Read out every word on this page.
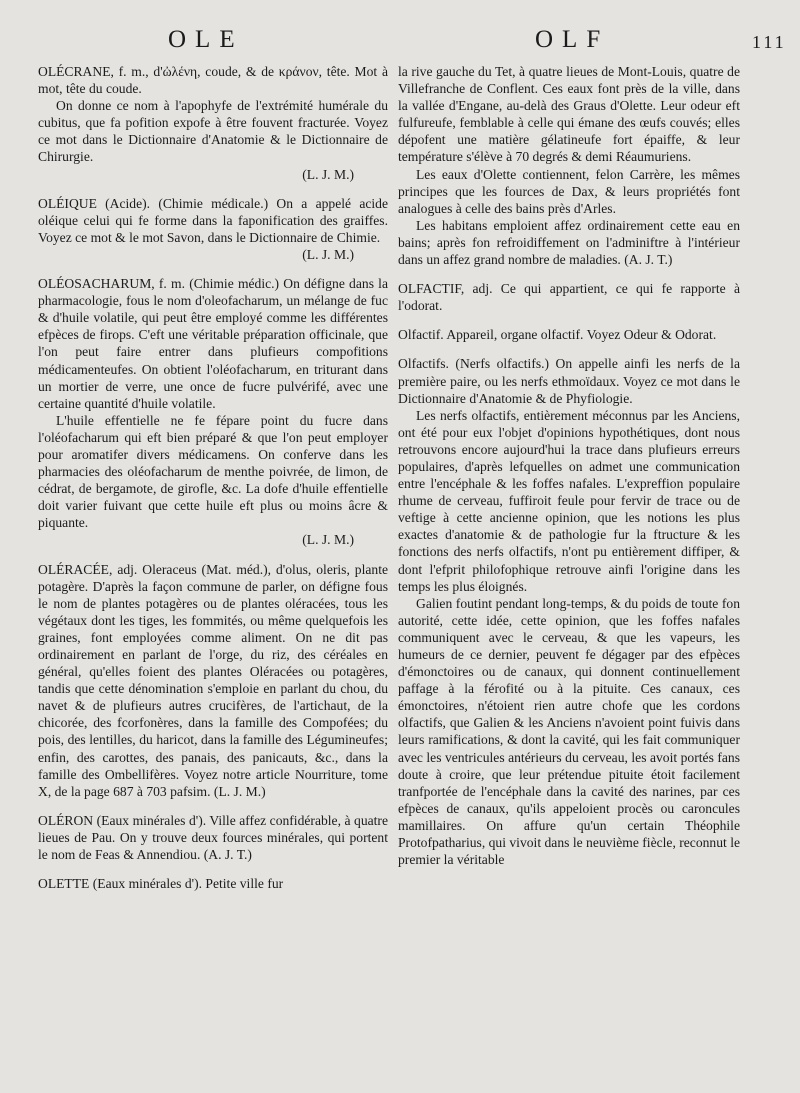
OLE	OLF	111

OLÉCRANE, f. m., d'ὠλένη, coude, & de κράνον, tête. Mot à mot, tête du coude.

On donne ce nom à l'apophyfe de l'extrémité humérale du cubitus, que fa pofition expofe à être fouvent fracturée. Voyez ce mot dans le Dictionnaire d'Anatomie & le Dictionnaire de Chirurgie.

(L. J. M.)

OLÉIQUE (Acide). (Chimie médicale.) On a appelé acide oléique celui qui fe forme dans la faponification des graiffes. Voyez ce mot & le mot Savon, dans le Dictionnaire de Chimie.

(L. J. M.)

OLÉOSACHARUM, f. m. (Chimie médic.) On défigne dans la pharmacologie, fous le nom d'oleofacharum, un mélange de fuc & d'huile volatile, qui peut être employé comme les différentes efpèces de firops. C'eft une véritable préparation officinale, que l'on peut faire entrer dans plufieurs compofitions médicamenteufes. On obtient l'oléofacharum, en triturant dans un mortier de verre, une once de fucre pulvérifé, avec une certaine quantité d'huile volatile.

L'huile effentielle ne fe fépare point du fucre dans l'oléofacharum qui eft bien préparé & que l'on peut employer pour aromatifer divers médicamens. On conferve dans les pharmacies des oléofacharum de menthe poivrée, de limon, de cédrat, de bergamote, de girofle, &c. La dofe d'huile effentielle doit varier fuivant que cette huile eft plus ou moins âcre & piquante.

(L. J. M.)

OLÉRACÉE, adj. Oleraceus (Mat. méd.), d'olus, oleris, plante potagère. D'après la façon commune de parler, on défigne fous le nom de plantes potagères ou de plantes oléracées, tous les végétaux dont les tiges, les fommités, ou même quelquefois les graines, font employées comme aliment. On ne dit pas ordinairement en parlant de l'orge, du riz, des céréales en général, qu'elles foient des plantes Oléracées ou potagères, tandis que cette dénomination s'emploie en parlant du chou, du navet & de plufieurs autres crucifères, de l'artichaut, de la chicorée, des fcorfonères, dans la famille des Compofées; du pois, des lentilles, du haricot, dans la famille des Légumineufes; enfin, des carottes, des panais, des panicauts, &c., dans la famille des Ombellifères. Voyez notre article Nourriture, tome X, de la page 687 à 703 pafsim. (L. J. M.)

OLÉRON (Eaux minérales d'). Ville affez confidérable, à quatre lieues de Pau. On y trouve deux fources minérales, qui portent le nom de Feas & Annendiou. (A. J. T.)

OLETTE (Eaux minérales d'). Petite ville fur

la rive gauche du Tet, à quatre lieues de Mont-Louis, quatre de Villefranche de Conflent. Ces eaux font près de la ville, dans la vallée d'Engane, au-delà des Graus d'Olette. Leur odeur eft fulfureufe, femblable à celle qui émane des œufs couvés; elles dépofent une matière gélatineufe fort épaiffe, & leur température s'élève à 70 degrés & demi Réaumuriens.

Les eaux d'Olette contiennent, felon Carrère, les mêmes principes que les fources de Dax, & leurs propriétés font analogues à celle des bains près d'Arles.

Les habitans emploient affez ordinairement cette eau en bains; après fon refroidiffement on l'adminiftre à l'intérieur dans un affez grand nombre de maladies. (A. J. T.)

OLFACTIF, adj. Ce qui appartient, ce qui fe rapporte à l'odorat.

Olfactif. Appareil, organe olfactif. Voyez Odeur & Odorat.

Olfactifs. (Nerfs olfactifs.) On appelle ainfi les nerfs de la première paire, ou les nerfs ethmoïdaux. Voyez ce mot dans le Dictionnaire d'Anatomie & de Phyfiologie.

Les nerfs olfactifs, entièrement méconnus par les Anciens, ont été pour eux l'objet d'opinions hypothétiques, dont nous retrouvons encore aujourd'hui la trace dans plufieurs erreurs populaires, d'après lefquelles on admet une communication entre l'encéphale & les foffes nafales. L'expreffion populaire rhume de cerveau, fuffiroit feule pour fervir de trace ou de veftige à cette ancienne opinion, que les notions les plus exactes d'anatomie & de pathologie fur la ftructure & les fonctions des nerfs olfactifs, n'ont pu entièrement diffiper, & dont l'efprit philofophique retrouve ainfi l'origine dans les temps les plus éloignés.

Galien foutint pendant long-temps, & du poids de toute fon autorité, cette idée, cette opinion, que les foffes nafales communiquent avec le cerveau, & que les vapeurs, les humeurs de ce dernier, peuvent fe dégager par des efpèces d'émonctoires ou de canaux, qui donnent continuellement paffage à la férofité ou à la pituite. Ces canaux, ces émonctoires, n'étoient rien autre chofe que les cordons olfactifs, que Galien & les Anciens n'avoient point fuivis dans leurs ramifications, & dont la cavité, qui les fait communiquer avec les ventricules antérieurs du cerveau, les avoit portés fans doute à croire, que leur prétendue pituite étoit facilement tranfportée de l'encéphale dans la cavité des narines, par ces efpèces de canaux, qu'ils appeloient procès ou caroncules mamillaires. On affure qu'un certain Théophile Protofpatharius, qui vivoit dans le neuvième fiècle, reconnut le premier la véritable
